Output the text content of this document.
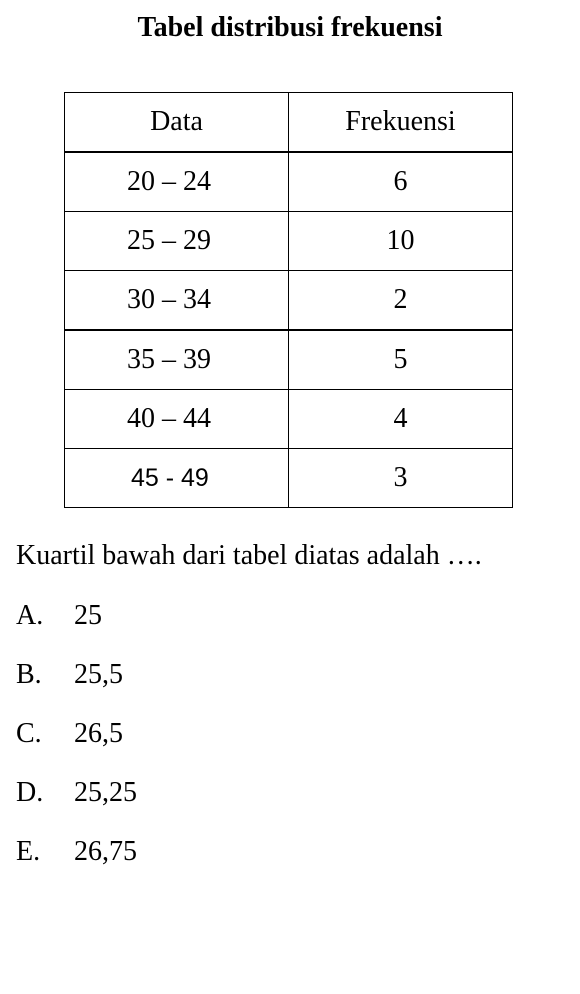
Tabel distribusi frekuensi
Data	Frekuensi
20 – 24	6
25 – 29	10
30 – 34	2
35 – 39	5
40 – 44	4
45 - 49	3
Kuartil bawah dari tabel diatas adalah ….
A. 25
B. 25,5
C. 26,5
D. 25,25
E. 26,75
